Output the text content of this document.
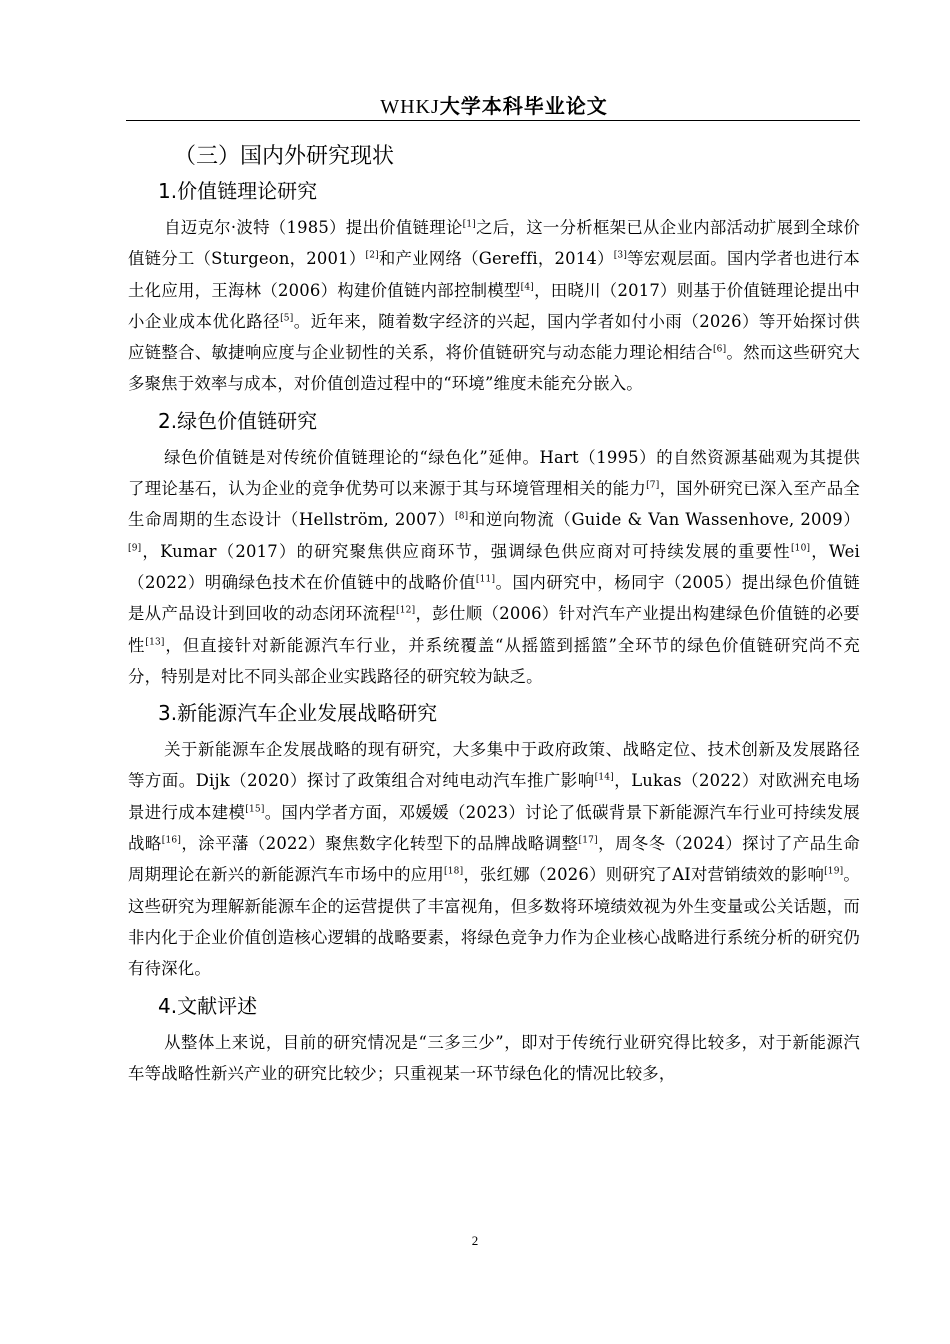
WHKJ大学本科毕业论文
（三）国内外研究现状
1.价值链理论研究

自迈克尔·波特（1985）提出价值链理论[1]之后，这一分析框架已从企业内部活动扩展到全球价值链分工（Sturgeon，2001）[2]和产业网络（Gereffi，2014）[3]等宏观层面。国内学者也进行本土化应用，王海林（2006）构建价值链内部控制模型[4]，田晓川（2017）则基于价值链理论提出中小企业成本优化路径[5]。近年来，随着数字经济的兴起，国内学者如付小雨（2026）等开始探讨供应链整合、敏捷响应度与企业韧性的关系，将价值链研究与动态能力理论相结合[6]。然而这些研究大多聚焦于效率与成本，对价值创造过程中的“环境”维度未能充分嵌入。

2.绿色价值链研究

绿色价值链是对传统价值链理论的“绿色化”延伸。Hart（1995）的自然资源基础观为其提供了理论基石，认为企业的竞争优势可以来源于其与环境管理相关的能力[7]，国外研究已深入至产品全生命周期的生态设计（Hellström, 2007）[8]和逆向物流（Guide & Van Wassenhove, 2009）[9]，Kumar（2017）的研究聚焦供应商环节，强调绿色供应商对可持续发展的重要性[10]，Wei（2022）明确绿色技术在价值链中的战略价值[11]。国内研究中，杨同宇（2005）提出绿色价值链是从产品设计到回收的动态闭环流程[12]，彭仕顺（2006）针对汽车产业提出构建绿色价值链的必要性[13]，但直接针对新能源汽车行业，并系统覆盖“从摇篮到摇篮”全环节的绿色价值链研究尚不充分，特别是对比不同头部企业实践路径的研究较为缺乏。

3.新能源汽车企业发展战略研究

关于新能源车企发展战略的现有研究，大多集中于政府政策、战略定位、技术创新及发展路径等方面。Dijk（2020）探讨了政策组合对纯电动汽车推广影响[14]，Lukas（2022）对欧洲充电场景进行成本建模[15]。国内学者方面，邓媛媛（2023）讨论了低碳背景下新能源汽车行业可持续发展战略[16]，涂平藩（2022）聚焦数字化转型下的品牌战略调整[17]，周冬冬（2024）探讨了产品生命周期理论在新兴的新能源汽车市场中的应用[18]，张红娜（2026）则研究了AI对营销绩效的影响[19]。这些研究为理解新能源车企的运营提供了丰富视角，但多数将环境绩效视为外生变量或公关话题，而非内化于企业价值创造核心逻辑的战略要素，将绿色竞争力作为企业核心战略进行系统分析的研究仍有待深化。

4.文献评述

从整体上来说，目前的研究情况是“三多三少”，即对于传统行业研究得比较多，对于新能源汽车等战略性新兴产业的研究比较少；只重视某一环节绿色化的情况比较多，

2
